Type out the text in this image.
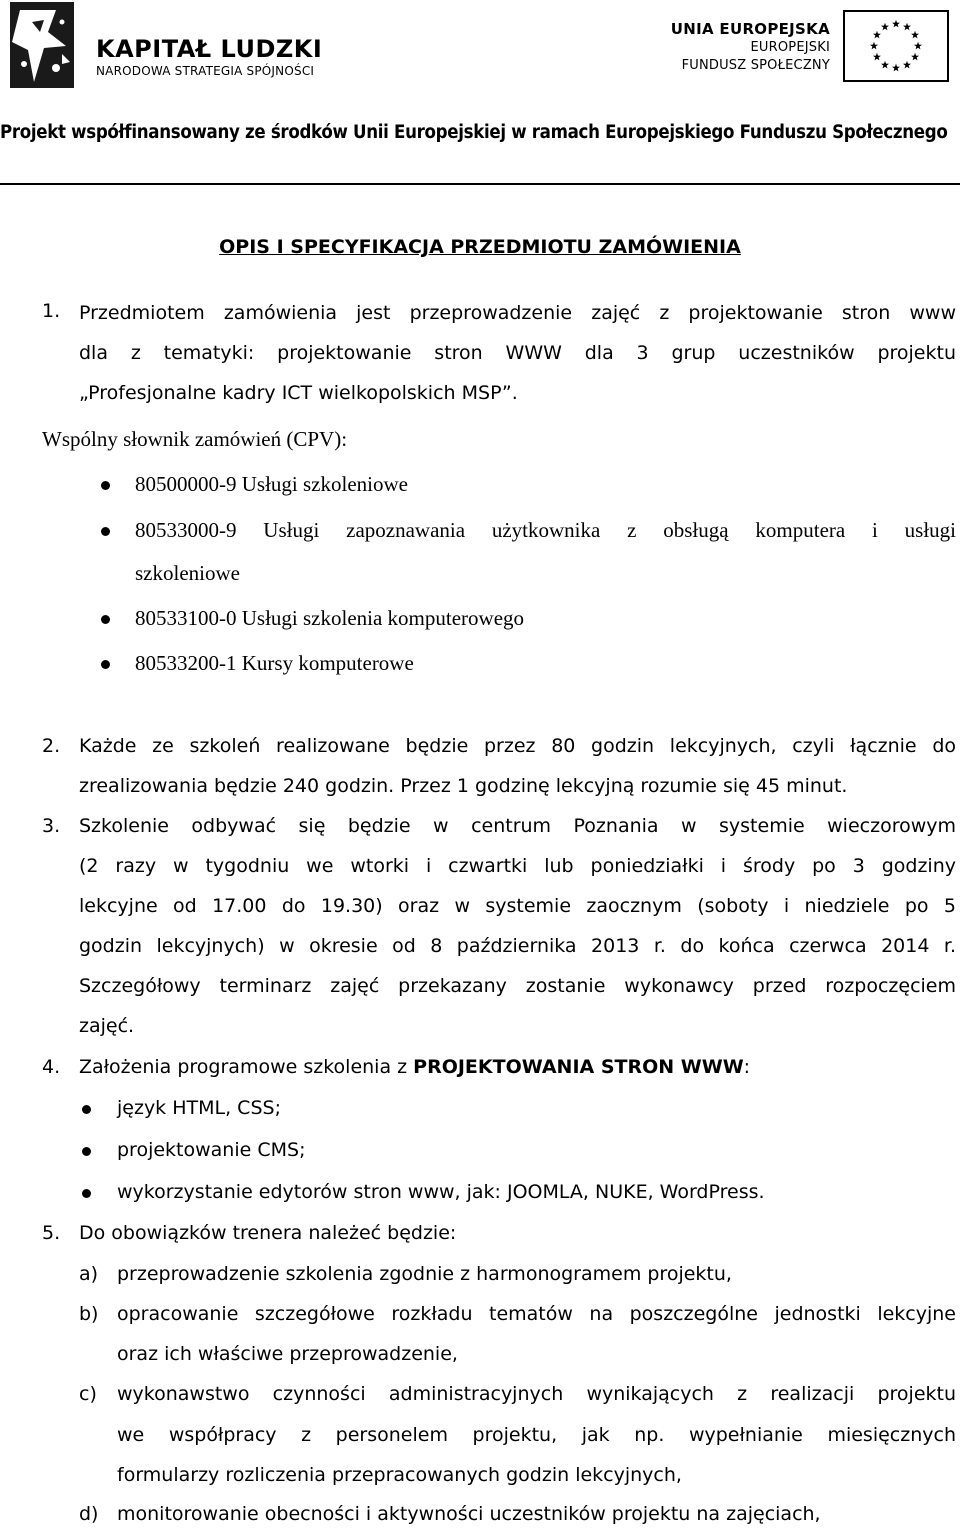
KAPITAŁ LUDZKI
NARODOWA STRATEGIA SPÓJNOŚCI
UNIA EUROPEJSKA
EUROPEJSKI
FUNDUSZ SPOŁECZNY
Projekt współfinansowany ze środków Unii Europejskiej w ramach Europejskiego Funduszu Społecznego
OPIS I SPECYFIKACJA PRZEDMIOTU ZAMÓWIENIA
1. Przedmiotem zamówienia jest przeprowadzenie zajęć z projektowanie stron www
dla z tematyki: projektowanie stron WWW dla 3 grup uczestników projektu
„Profesjonalne kadry ICT wielkopolskich MSP”.
Wspólny słownik zamówień (CPV):
80500000-9 Usługi szkoleniowe
80533000-9 Usługi zapoznawania użytkownika z obsługą komputera i usługi
szkoleniowe
80533100-0 Usługi szkolenia komputerowego
80533200-1 Kursy komputerowe
2. Każde ze szkoleń realizowane będzie przez 80 godzin lekcyjnych, czyli łącznie do
zrealizowania będzie 240 godzin. Przez 1 godzinę lekcyjną rozumie się 45 minut.
3. Szkolenie odbywać się będzie w centrum Poznania w systemie wieczorowym
(2 razy w tygodniu we wtorki i czwartki lub poniedziałki i środy po 3 godziny
lekcyjne od 17.00 do 19.30) oraz w systemie zaocznym (soboty i niedziele po 5
godzin lekcyjnych) w okresie od 8 października 2013 r. do końca czerwca 2014 r.
Szczegółowy terminarz zajęć przekazany zostanie wykonawcy przed rozpoczęciem
zajęć.
4. Założenia programowe szkolenia z PROJEKTOWANIA STRON WWW:
język HTML, CSS;
projektowanie CMS;
wykorzystanie edytorów stron www, jak: JOOMLA, NUKE, WordPress.
5. Do obowiązków trenera należeć będzie:
a) przeprowadzenie szkolenia zgodnie z harmonogramem projektu,
b) opracowanie szczegółowe rozkładu tematów na poszczególne jednostki lekcyjne
oraz ich właściwe przeprowadzenie,
c) wykonawstwo czynności administracyjnych wynikających z realizacji projektu
we współpracy z personelem projektu, jak np. wypełnianie miesięcznych
formularzy rozliczenia przepracowanych godzin lekcyjnych,
d) monitorowanie obecności i aktywności uczestników projektu na zajęciach,
